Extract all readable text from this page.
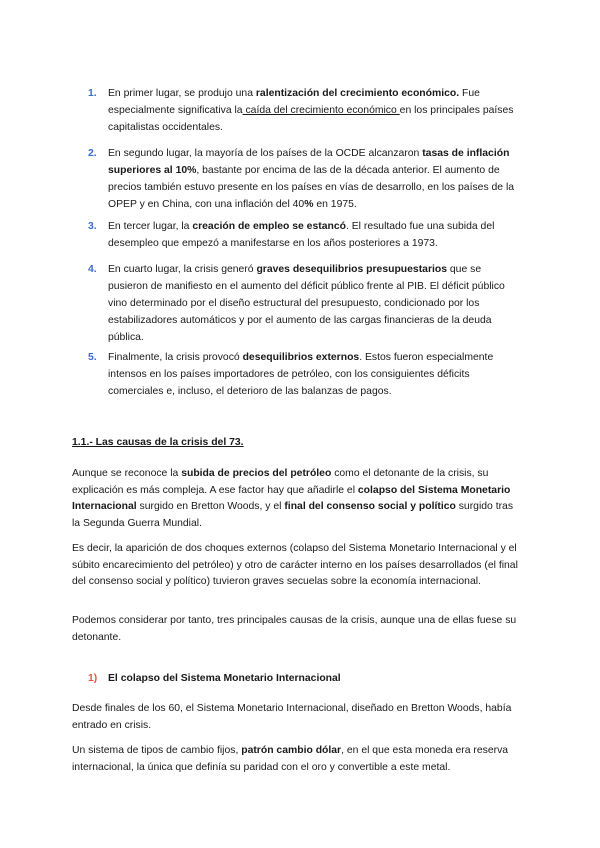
1. En primer lugar, se produjo una ralentización del crecimiento económico. Fue especialmente significativa la caída del crecimiento económico en los principales países capitalistas occidentales.
2. En segundo lugar, la mayoría de los países de la OCDE alcanzaron tasas de inflación superiores al 10%, bastante por encima de las de la década anterior. El aumento de precios también estuvo presente en los países en vías de desarrollo, en los países de la OPEP y en China, con una inflación del 40% en 1975.
3. En tercer lugar, la creación de empleo se estancó. El resultado fue una subida del desempleo que empezó a manifestarse en los años posteriores a 1973.
4. En cuarto lugar, la crisis generó graves desequilibrios presupuestarios que se pusieron de manifiesto en el aumento del déficit público frente al PIB. El déficit público vino determinado por el diseño estructural del presupuesto, condicionado por los estabilizadores automáticos y por el aumento de las cargas financieras de la deuda pública.
5. Finalmente, la crisis provocó desequilibrios externos. Estos fueron especialmente intensos en los países importadores de petróleo, con los consiguientes déficits comerciales e, incluso, el deterioro de las balanzas de pagos.
1.1.- Las causas de la crisis del 73.
Aunque se reconoce la subida de precios del petróleo como el detonante de la crisis, su explicación es más compleja. A ese factor hay que añadirle el colapso del Sistema Monetario Internacional surgido en Bretton Woods, y el final del consenso social y político surgido tras la Segunda Guerra Mundial.
Es decir, la aparición de dos choques externos (colapso del Sistema Monetario Internacional y el súbito encarecimiento del petróleo) y otro de carácter interno en los países desarrollados (el final del consenso social y político) tuvieron graves secuelas sobre la economía internacional.
Podemos considerar por tanto, tres principales causas de la crisis, aunque una de ellas fuese su detonante.
1) El colapso del Sistema Monetario Internacional
Desde finales de los 60, el Sistema Monetario Internacional, diseñado en Bretton Woods, había entrado en crisis.
Un sistema de tipos de cambio fijos, patrón cambio dólar, en el que esta moneda era reserva internacional, la única que definía su paridad con el oro y convertible a este metal.
